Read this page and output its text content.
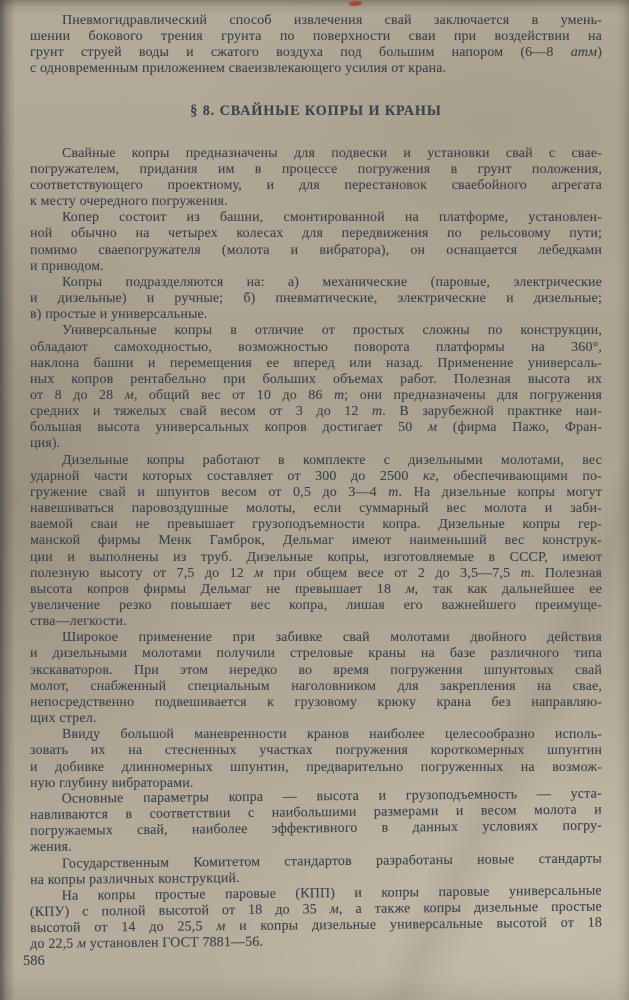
Пневмогидравлический способ извлечения свай заключается в умень-
шении бокового трения грунта по поверхности сваи при воздействии на
грунт струей воды и сжатого воздуха под большим напором (6—8 атм)
с одновременным приложением сваеизвлекающего усилия от крана.
§ 8. СВАЙНЫЕ КОПРЫ И КРАНЫ
Свайные копры предназначены для подвески и установки свай с свае-
погружателем, придания им в процессе погружения в грунт положения,
соответствующего проектному, и для перестановок сваебойного агрегата
к месту очередного погружения.
Копер состоит из башни, смонтированной на платформе, установлен-
ной обычно на четырех колесах для передвижения по рельсовому пути;
помимо сваепогружателя (молота и вибратора), он оснащается лебедками
и приводом.
Копры подразделяются на: а) механические (паровые, электрические
и дизельные) и ручные; б) пневматические, электрические и дизельные;
в) простые и универсальные.
Универсальные копры в отличие от простых сложны по конструкции,
обладают самоходностью, возможностью поворота платформы на 360°,
наклона башни и перемещения ее вперед или назад. Применение универсаль-
ных копров рентабельно при больших объемах работ. Полезная высота их
от 8 до 28 м, общий вес от 10 до 86 т; они предназначены для погружения
средних и тяжелых свай весом от 3 до 12 т. В зарубежной практике наи-
большая высота универсальных копров достигает 50 м (фирма Пажо, Фран-
ция).
Дизельные копры работают в комплекте с дизельными молотами, вес
ударной части которых составляет от 300 до 2500 кг, обеспечивающими по-
гружение свай и шпунтов весом от 0,5 до 3—4 т. На дизельные копры могут
навешиваться паровоздушные молоты, если суммарный вес молота и заби-
ваемой сваи не превышает грузоподъемности копра. Дизельные копры гер-
манской фирмы Менк Гамброк, Дельмаг имеют наименьший вес конструк-
ции и выполнены из труб. Дизельные копры, изготовляемые в СССР, имеют
полезную высоту от 7,5 до 12 м при общем весе от 2 до 3,5—7,5 т. Полезная
высота копров фирмы Дельмаг не превышает 18 м, так как дальнейшее ее
увеличение резко повышает вес копра, лишая его важнейшего преимуще-
ства—легкости.
Широкое применение при забивке свай молотами двойного действия
и дизельными молотами получили стреловые краны на базе различного типа
экскаваторов. При этом нередко во время погружения шпунтовых свай
молот, снабженный специальным наголовником для закрепления на свае,
непосредственно подвешивается к грузовому крюку крана без направляю-
щих стрел.
Ввиду большой маневренности кранов наиболее целесообразно исполь-
зовать их на стесненных участках погружения короткомерных шпунтин
и добивке длинномерных шпунтин, предварительно погруженных на возмож-
ную глубину вибраторами.
Основные параметры копра — высота и грузоподъемность — уста-
навливаются в соответствии с наибольшими размерами и весом молота и
погружаемых свай, наиболее эффективного в данных условиях погру-
жения.
Государственным Комитетом стандартов разработаны новые стандарты
на копры различных конструкций.
На копры простые паровые (КПП) и копры паровые универсальные
(КПУ) с полной высотой от 18 до 35 м, а также копры дизельные простые
высотой от 14 до 25,5 м и копры дизельные универсальные высотой от 18
до 22,5 м установлен ГОСТ 7881—56.
586
